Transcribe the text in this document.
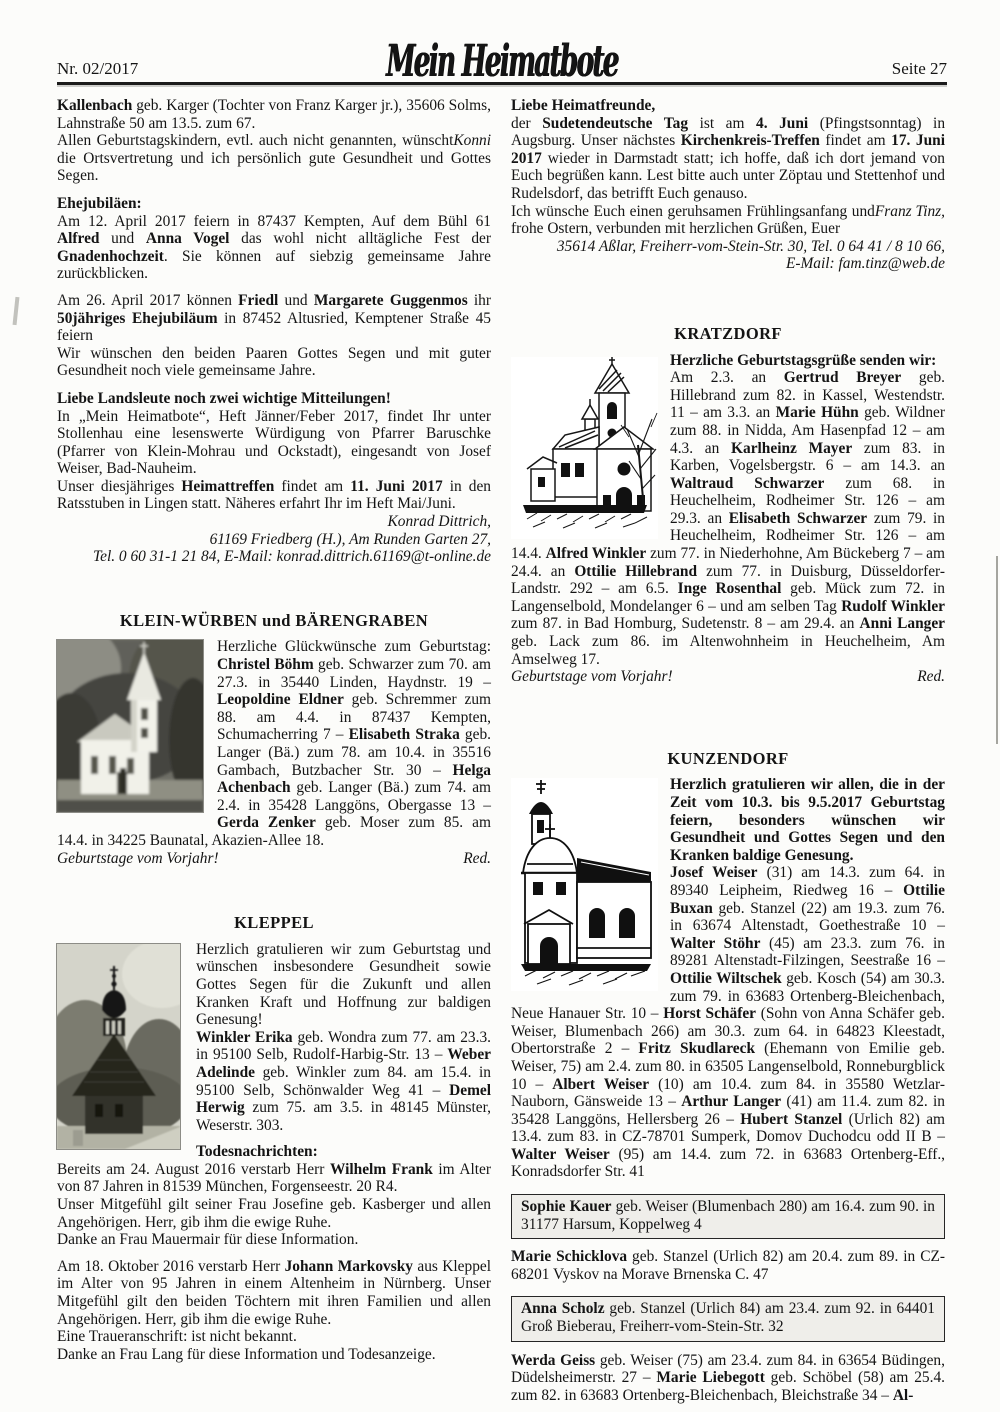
Nr. 02/2017	Mein Heimatbote	Seite 27

Kallenbach geb. Karger (Tochter von Franz Karger jr.), 35606 Solms, Lahnstraße 50 am 13.5. zum 67.

Konni
Allen Geburtstagskindern, evtl. auch nicht genannten, wünscht die Ortsvertretung und ich persönlich gute Gesundheit und Gottes Segen.

Ehejubiläen:

Am 12. April 2017 feiern in 87437 Kempten, Auf dem Bühl 61 Alfred und Anna Vogel das wohl nicht alltägliche Fest der Gnadenhochzeit. Sie können auf siebzig gemeinsame Jahre zurückblicken.

Am 26. April 2017 können Friedl und Margarete Guggenmos ihr 50jähriges Ehejubiläum in 87452 Altusried, Kemptener Straße 45 feiern

Wir wünschen den beiden Paaren Gottes Segen und mit guter Gesundheit noch viele gemeinsame Jahre.

Liebe Landsleute noch zwei wichtige Mitteilungen!

In „Mein Heimatbote“, Heft Jänner/Feber 2017, findet Ihr unter Stollenhau eine lesenswerte Würdigung von Pfarrer Baruschke (Pfarrer von Klein-Mohrau und Ockstadt), eingesandt von Josef Weiser, Bad-Nauheim.

Unser diesjähriges Heimattreffen findet am 11. Juni 2017 in den Ratsstuben in Lingen statt. Näheres erfahrt Ihr im Heft Mai/Juni.

Konrad Dittrich,
61169 Friedberg (H.), Am Runden Garten 27,
Tel. 0 60 31-1 21 84, E-Mail: konrad.dittrich.61169@t-online.de
KLEIN-WÜRBEN und BÄRENGRABEN

Herzliche Glückwünsche zum Geburtstag: Christel Böhm geb. Schwarzer zum 70. am 27.3. in 35440 Linden, Haydnstr. 19 – Leopoldine Eldner geb. Schremmer zum 88. am 4.4. in 87437 Kempten, Schumacherring 7 – Elisabeth Straka geb. Langer (Bä.) zum 78. am 10.4. in 35516 Gambach, Butzbacher Str. 30 – Helga Achenbach geb. Langer (Bä.) zum 74. am 2.4. in 35428 Langgöns, Obergasse 13 – Gerda Zenker geb. Moser zum 85. am 14.4. in 34225 Baunatal, Akazien-Allee 18.

Red.
Geburtstage vom Vorjahr!
KLEPPEL

Herzlich gratulieren wir zum Geburtstag und wünschen insbesondere Gesundheit sowie Gottes Segen für die Zukunft und allen Kranken Kraft und Hoffnung zur baldigen Genesung!

Winkler Erika geb. Wondra zum 77. am 23.3. in 95100 Selb, Rudolf-Harbig-Str. 13 – Weber Adelinde geb. Winkler zum 84. am 15.4. in 95100 Selb, Schönwalder Weg 41 – Demel Herwig zum 75. am 3.5. in 48145 Münster, Weserstr. 303.

Todesnachrichten:

Bereits am 24. August 2016 verstarb Herr Wilhelm Frank im Alter von 87 Jahren in 81539 München, Forgenseestr. 20 R4.

Unser Mitgefühl gilt seiner Frau Josefine geb. Kasberger und allen Angehörigen. Herr, gib ihm die ewige Ruhe.

Danke an Frau Mauermair für diese Information.

Am 18. Oktober 2016 verstarb Herr Johann Markovsky aus Kleppel im Alter von 95 Jahren in einem Altenheim in Nürnberg. Unser Mitgefühl gilt den beiden Töchtern mit ihren Familien und allen Angehörigen. Herr, gib ihm die ewige Ruhe.

Eine Traueranschrift: ist nicht bekannt.

Danke an Frau Lang für diese Information und Todesanzeige.

Liebe Heimatfreunde,

der Sudetendeutsche Tag ist am 4. Juni (Pfingstsonntag) in Augsburg. Unser nächstes Kirchenkreis-Treffen findet am 17. Juni 2017 wieder in Darmstadt statt; ich hoffe, daß ich dort jemand von Euch begrüßen kann. Lest bitte auch unter Zöptau und Stettenhof und Rudelsdorf, das betrifft Euch genauso.

Franz Tinz,
Ich wünsche Euch einen geruhsamen Frühlingsanfang und frohe Ostern, verbunden mit herzlichen Grüßen, Euer

35614 Aßlar, Freiherr-vom-Stein-Str. 30, Tel. 0 64 41 / 8 10 66,
E-Mail: fam.tinz@web.de
KRATZDORF

Herzliche Geburtstagsgrüße senden wir:

Am 2.3. an Gertrud Breyer geb. Hillebrand zum 82. in Kassel, Westendstr. 11 – am 3.3. an Marie Hühn geb. Wildner zum 88. in Nidda, Am Hasenpfad 12 – am 4.3. an Karlheinz Mayer zum 83. in Karben, Vogelsbergstr. 6 – am 14.3. an Waltraud Schwarzer zum 68. in Heuchelheim, Rodheimer Str. 126 – am 29.3. an Elisabeth Schwarzer zum 79. in Heuchelheim, Rodheimer Str. 126 – am 14.4. Alfred Winkler zum 77. in Niederhohne, Am Bückeberg 7 – am 24.4. an Ottilie Hillebrand zum 77. in Duisburg, Düsseldorfer-Landstr. 292 – am 6.5. Inge Rosenthal geb. Mück zum 72. in Langenselbold, Mondelanger 6 – und am selben Tag Rudolf Winkler zum 87. in Bad Homburg, Sudetenstr. 8 – am 29.4. an Anni Langer geb. Lack zum 86. im Altenwohnheim in Heuchelheim, Am Amselweg 17.

Red.
Geburtstage vom Vorjahr!
KUNZENDORF

Herzlich gratulieren wir allen, die in der Zeit vom 10.3. bis 9.5.2017 Geburtstag feiern, besonders wünschen wir Gesundheit und Gottes Segen und den Kranken baldige Genesung.

Josef Weiser (31) am 14.3. zum 64. in 89340 Leipheim, Riedweg 16 – Ottilie Buxan geb. Stanzel (22) am 19.3. zum 76. in 63674 Altenstadt, Goethestraße 10 – Walter Stöhr (45) am 23.3. zum 76. in 89281 Altenstadt-Filzingen, Seestraße 16 – Ottilie Wiltschek geb. Kosch (54) am 30.3. zum 79. in 63683 Ortenberg-Bleichenbach, Neue Hanauer Str. 10 – Horst Schäfer (Sohn von Anna Schäfer geb. Weiser, Blumenbach 266) am 30.3. zum 64. in 64823 Kleestadt, Obertorstraße 2 – Fritz Skudlareck (Ehemann von Emilie geb. Weiser, 75) am 2.4. zum 80. in 63505 Langenselbold, Ronneburgblick 10 – Albert Weiser (10) am 10.4. zum 84. in 35580 Wetzlar-Nauborn, Gänsweide 13 – Arthur Langer (41) am 11.4. zum 82. in 35428 Langgöns, Hellersberg 26 – Hubert Stanzel (Urlich 82) am 13.4. zum 83. in CZ-78701 Sumperk, Domov Duchodcu odd II B – Walter Weiser (95) am 14.4. zum 72. in 63683 Ortenberg-Eff., Konradsdorfer Str. 41

Sophie Kauer geb. Weiser (Blumenbach 280) am 16.4. zum 90. in 31177 Harsum, Koppelweg 4

Marie Schicklova geb. Stanzel (Urlich 82) am 20.4. zum 89. in CZ-68201 Vyskov na Morave Brnenska C. 47

Anna Scholz geb. Stanzel (Urlich 84) am 23.4. zum 92. in 64401 Groß Bieberau, Freiherr-vom-Stein-Str. 32

Werda Geiss geb. Weiser (75) am 23.4. zum 84. in 63654 Büdingen, Düdelsheimerstr. 27 – Marie Liebegott geb. Schöbel (58) am 25.4. zum 82. in 63683 Ortenberg-Bleichenbach, Bleichstraße 34 – Al-
